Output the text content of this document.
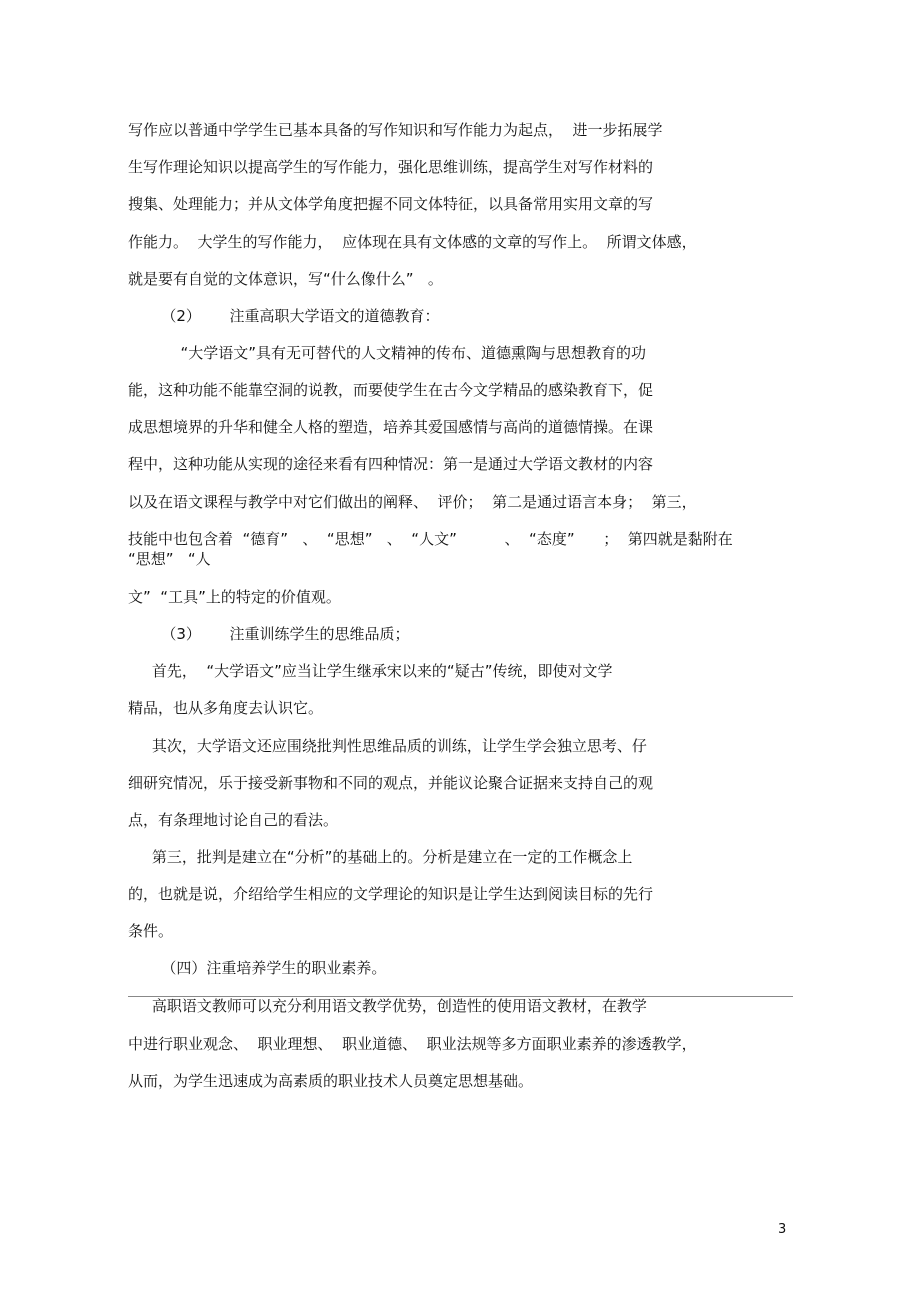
写作应以普通中学学生已基本具备的写作知识和写作能力为起点，  进一步拓展学
生写作理论知识以提高学生的写作能力，强化思维训练，提高学生对写作材料的
搜集、处理能力；并从文体学角度把握不同文体特征，以具备常用实用文章的写
作能力。  大学生的写作能力，  应体现在具有文体感的文章的写作上。  所谓文体感，
就是要有自觉的文体意识，写“什么像什么”   。
（2）      注重高职大学语文的道德教育：
“大学语文”具有无可替代的人文精神的传布、道德熏陶与思想教育的功
能，这种功能不能靠空洞的说教，而要使学生在古今文学精品的感染教育下，促
成思想境界的升华和健全人格的塑造，培养其爱国感情与高尚的道德情操。在课
程中，这种功能从实现的途径来看有四种情况：第一是通过大学语文教材的内容
以及在语文课程与教学中对它们做出的阐释、  评价；  第二是通过语言本身；  第三，
技能中也包含着  “德育”   、  “思想”   、  “人文”          、  “态度”      ；  第四就是黏附在
“思想”   “人
文”  “工具”上的特定的价值观。
（3）      注重训练学生的思维品质；
首先，  “大学语文”应当让学生继承宋以来的“疑古”传统，即使对文学
精品，也从多角度去认识它。
其次，大学语文还应围绕批判性思维品质的训练，让学生学会独立思考、仔
细研究情况，乐于接受新事物和不同的观点，并能议论聚合证据来支持自己的观
点，有条理地讨论自己的看法。
第三，批判是建立在“分析”的基础上的。分析是建立在一定的工作概念上
的，也就是说，介绍给学生相应的文学理论的知识是让学生达到阅读目标的先行
条件。
（四）注重培养学生的职业素养。
高职语文教师可以充分利用语文教学优势，创造性的使用语文教材，在教学
中进行职业观念、  职业理想、  职业道德、  职业法规等多方面职业素养的渗透教学，
从而，为学生迅速成为高素质的职业技术人员奠定思想基础。
3
